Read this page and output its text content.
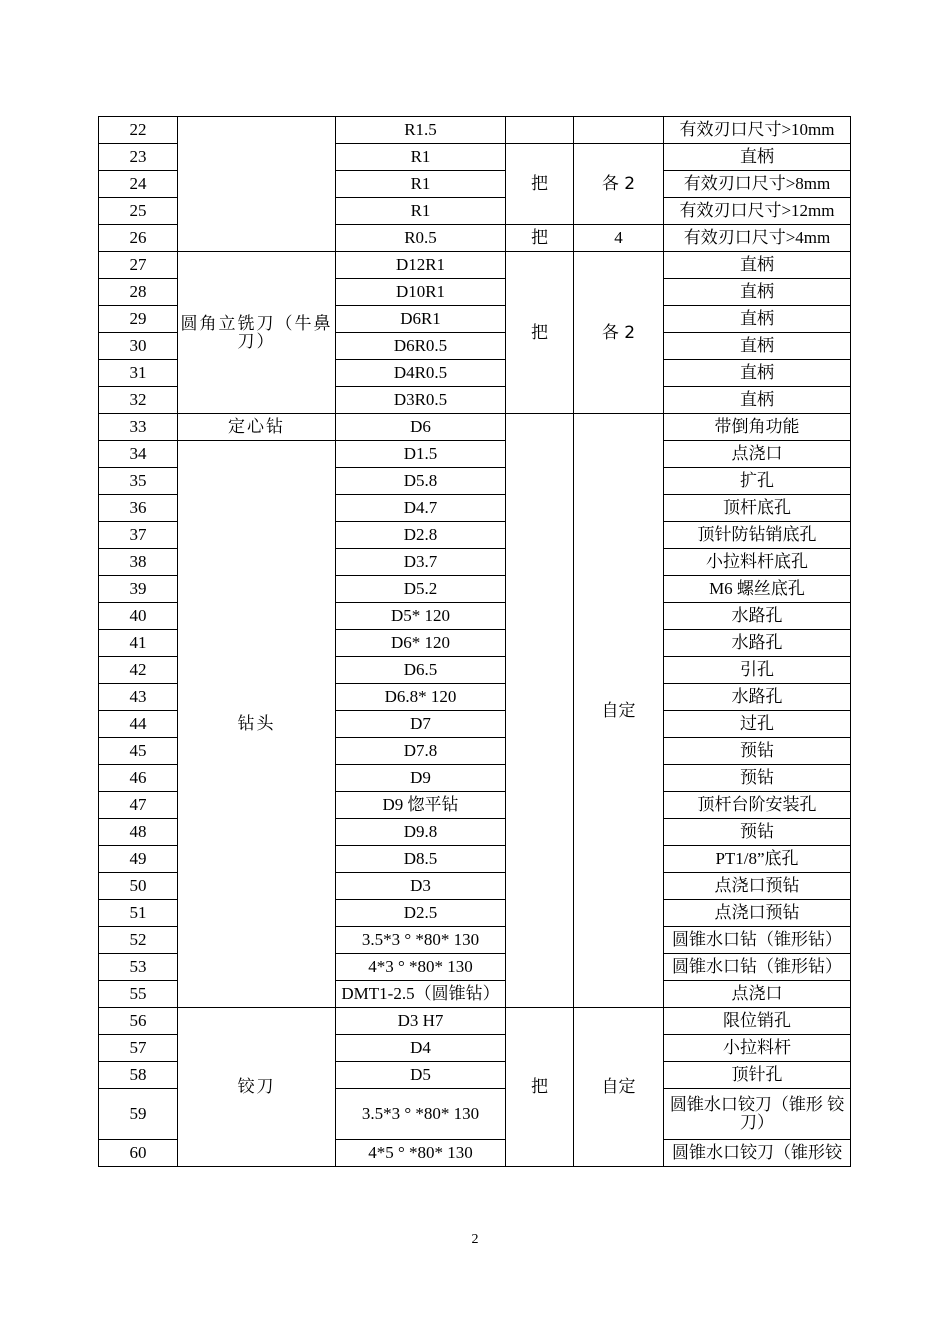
22		R1.5			有效刃口尺寸>10mm
23		R1	把	各 2	直柄
24		R1			有效刃口尺寸>8mm
25		R1			有效刃口尺寸>12mm
26		R0.5	把	4	有效刃口尺寸>4mm
27	圆角立铣刀（牛鼻刀）	D12R1	把	各 2	直柄
28		D10R1			直柄
29		D6R1			直柄
30		D6R0.5			直柄
31		D4R0.5			直柄
32		D3R0.5			直柄
33	定心钻	D6		自定	带倒角功能
34	钻头	D1.5			点浇口
35		D5.8			扩孔
36		D4.7			顶杆底孔
37		D2.8			顶针防钻销底孔
38		D3.7			小拉料杆底孔
39		D5.2			M6 螺丝底孔
40		D5* 120			水路孔
41		D6* 120			水路孔
42		D6.5			引孔
43		D6.8* 120			水路孔
44		D7			过孔
45		D7.8			预钻
46		D9			预钻
47		D9 惚平钻			顶杆台阶安装孔
48		D9.8			预钻
49		D8.5			PT1/8”底孔
50		D3			点浇口预钻
51		D2.5			点浇口预钻
52		3.5*3 ° *80* 130			圆锥水口钻（锥形钻）
53		4*3 ° *80* 130			圆锥水口钻（锥形钻）
55		DMT1-2.5（圆锥钻）			点浇口
56	铰刀	D3 H7	把	自定	限位销孔
57		D4			小拉料杆
58		D5			顶针孔
59		3.5*3 ° *80* 130			圆锥水口铰刀（锥形 铰 刀）
60		4*5 ° *80* 130			圆锥水口铰刀（锥形铰
2
